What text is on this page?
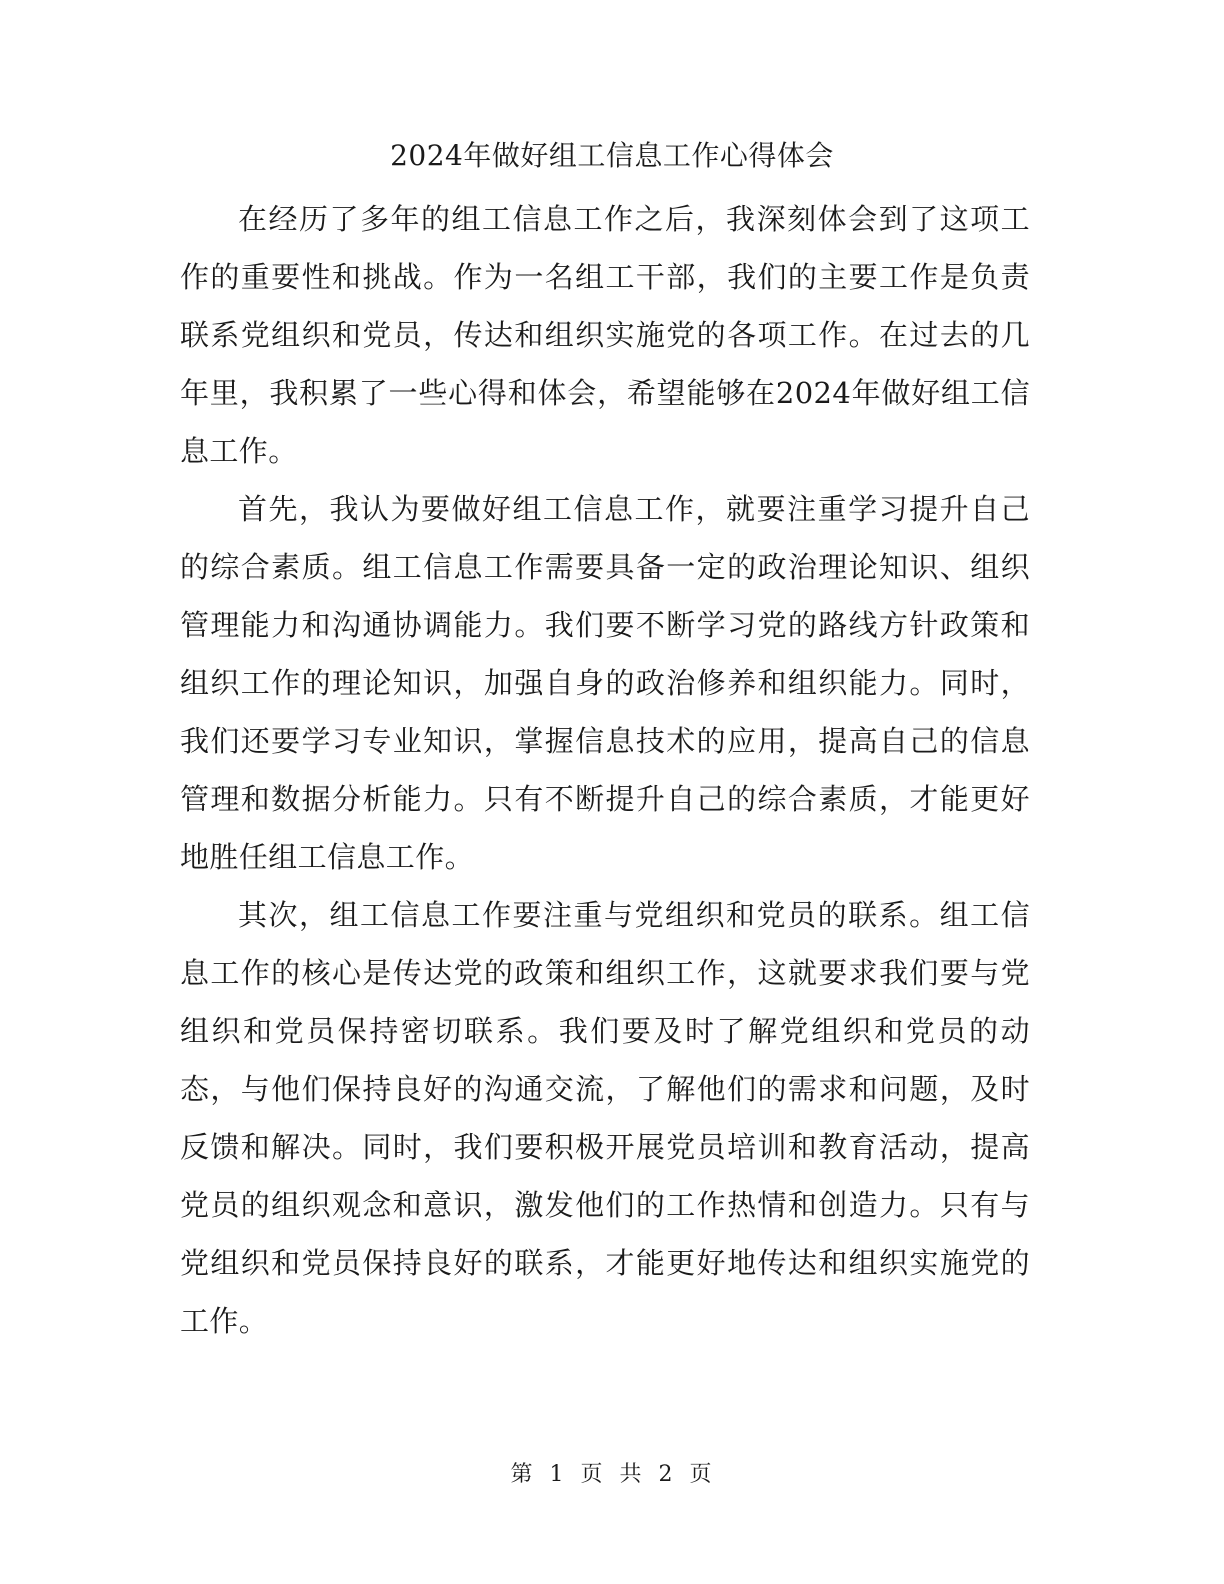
2024年做好组工信息工作心得体会

在经历了多年的组工信息工作之后，我深刻体会到了这项工作的重要性和挑战。作为一名组工干部，我们的主要工作是负责联系党组织和党员，传达和组织实施党的各项工作。在过去的几年里，我积累了一些心得和体会，希望能够在2024年做好组工信息工作。

首先，我认为要做好组工信息工作，就要注重学习提升自己的综合素质。组工信息工作需要具备一定的政治理论知识、组织管理能力和沟通协调能力。我们要不断学习党的路线方针政策和组织工作的理论知识，加强自身的政治修养和组织能力。同时，我们还要学习专业知识，掌握信息技术的应用，提高自己的信息管理和数据分析能力。只有不断提升自己的综合素质，才能更好地胜任组工信息工作。

其次，组工信息工作要注重与党组织和党员的联系。组工信息工作的核心是传达党的政策和组织工作，这就要求我们要与党组织和党员保持密切联系。我们要及时了解党组织和党员的动态，与他们保持良好的沟通交流，了解他们的需求和问题，及时反馈和解决。同时，我们要积极开展党员培训和教育活动，提高党员的组织观念和意识，激发他们的工作热情和创造力。只有与党组织和党员保持良好的联系，才能更好地传达和组织实施党的工作。

第 1 页 共 2 页
